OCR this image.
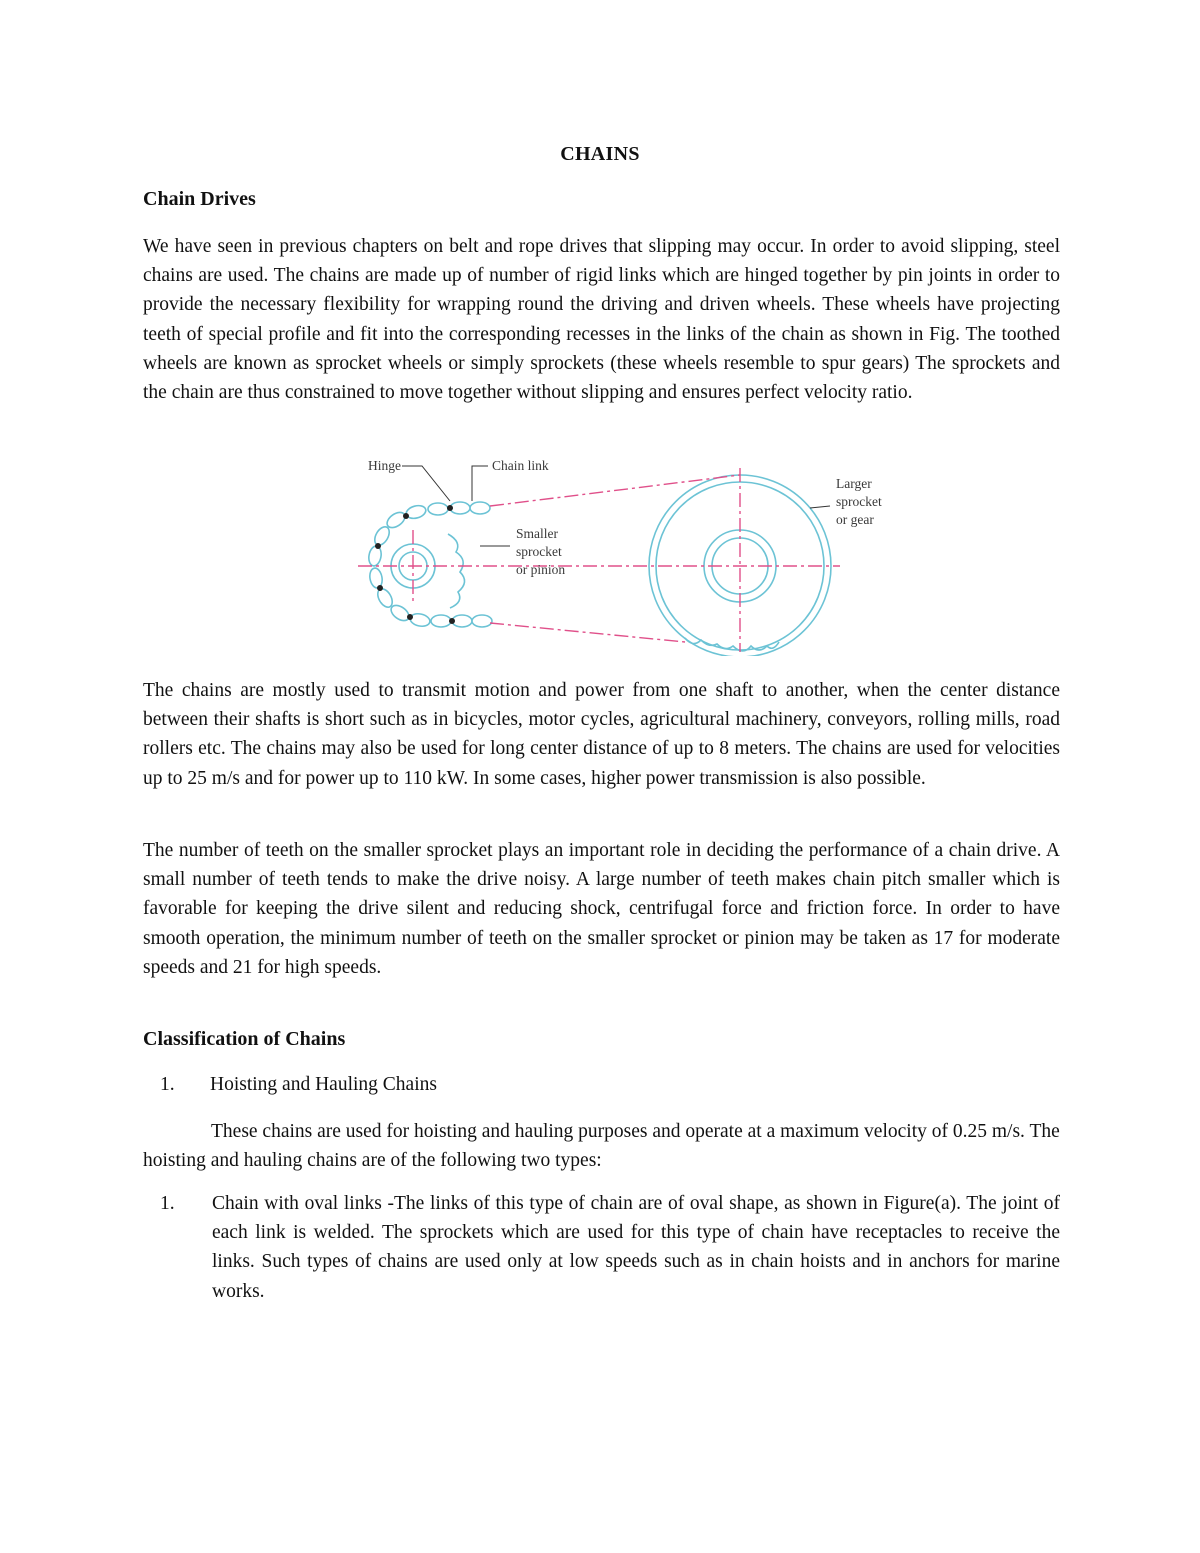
CHAINS
Chain Drives

We have seen in previous chapters on belt and rope drives that slipping may occur. In order to avoid slipping, steel chains are used. The chains are made up of number of rigid links which are hinged together by pin joints in order to provide the necessary flexibility for wrapping round the driving and driven wheels. These wheels have projecting teeth of special profile and fit into the corresponding recesses in the links of the chain as shown in Fig. The toothed wheels are known as sprocket wheels or simply sprockets (these wheels resemble to spur gears) The sprockets and the chain are thus constrained to move together without slipping and ensures perfect velocity ratio.

Hinge	Chain link
Smaller
sprocket
or pinion
Larger
sprocket
or gear

The chains are mostly used to transmit motion and power from one shaft to another, when the center distance between their shafts is short such as in bicycles, motor cycles, agricultural machinery, conveyors, rolling mills, road rollers etc. The chains may also be used for long center distance of up to 8 meters. The chains are used for velocities up to 25 m/s and for power up to 110 kW. In some cases, higher power transmission is also possible.

The number of teeth on the smaller sprocket plays an important role in deciding the performance of a chain drive. A small number of teeth tends to make the drive noisy. A large number of teeth makes chain pitch smaller which is favorable for keeping the drive silent and reducing shock, centrifugal force and friction force. In order to have smooth operation, the minimum number of teeth on the smaller sprocket or pinion may be taken as 17 for moderate speeds and 21 for high speeds.

Classification of Chains
1. Hoisting and Hauling Chains

These chains are used for hoisting and hauling purposes and operate at a maximum velocity of 0.25 m/s. The hoisting and hauling chains are of the following two types:

1. Chain with oval links -The links of this type of chain are of oval shape, as shown in Figure(a). The joint of each link is welded. The sprockets which are used for this type of chain have receptacles to receive the links. Such types of chains are used only at low speeds such as in chain hoists and in anchors for marine works.
